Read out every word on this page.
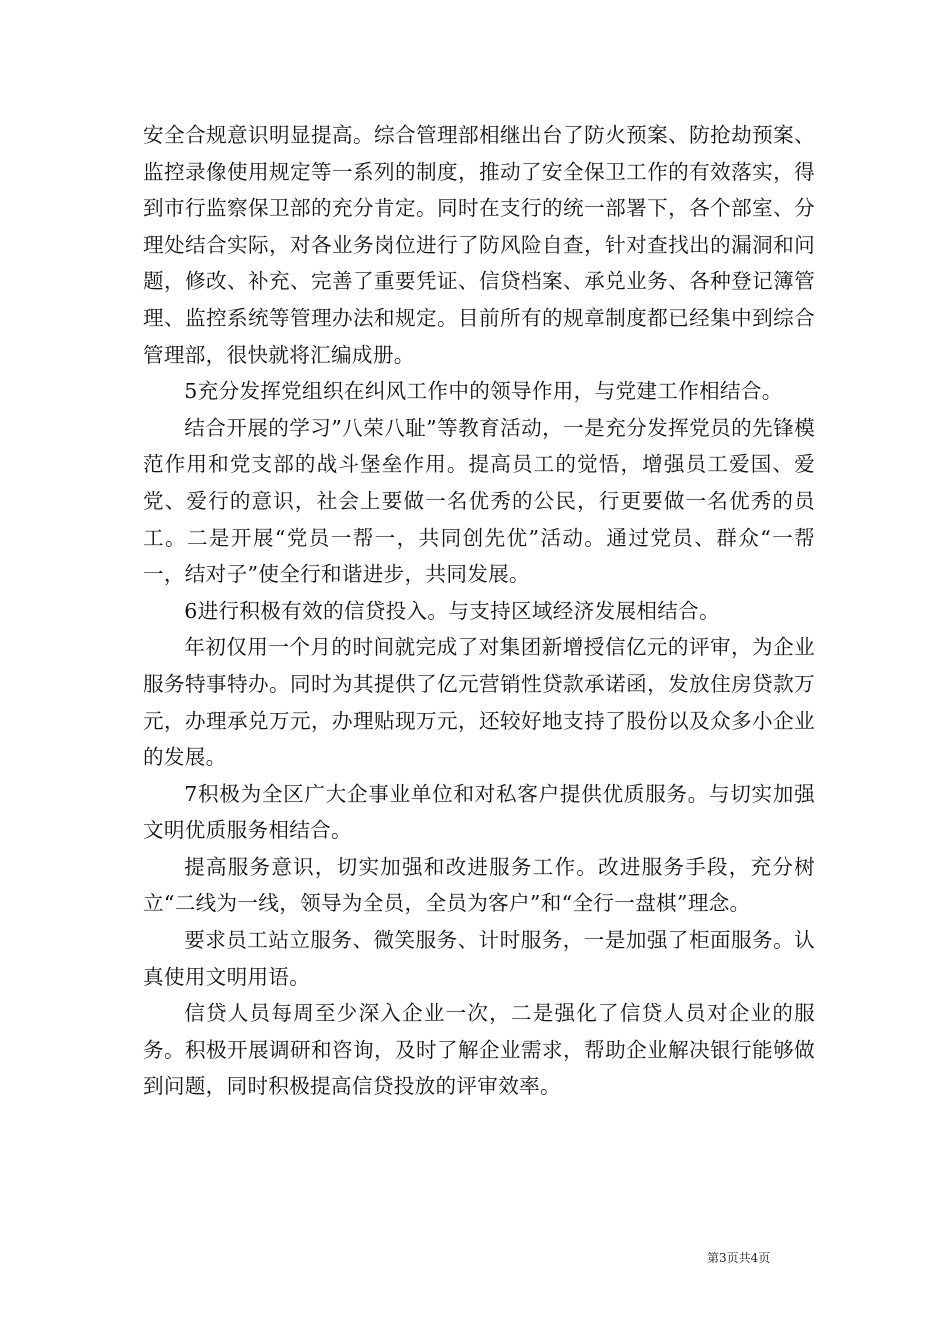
安全合规意识明显提高。综合管理部相继出台了防火预案、防抢劫预案、监控录像使用规定等一系列的制度，推动了安全保卫工作的有效落实，得到市行监察保卫部的充分肯定。同时在支行的统一部署下，各个部室、分理处结合实际，对各业务岗位进行了防风险自查，针对查找出的漏洞和问题，修改、补充、完善了重要凭证、信贷档案、承兑业务、各种登记簿管理、监控系统等管理办法和规定。目前所有的规章制度都已经集中到综合管理部，很快就将汇编成册。

5充分发挥党组织在纠风工作中的领导作用，与党建工作相结合。

结合开展的学习”八荣八耻”等教育活动，一是充分发挥党员的先锋模范作用和党支部的战斗堡垒作用。提高员工的觉悟，增强员工爱国、爱党、爱行的意识，社会上要做一名优秀的公民，行更要做一名优秀的员工。二是开展“党员一帮一，共同创先优”活动。通过党员、群众“一帮一，结对子”使全行和谐进步，共同发展。

6进行积极有效的信贷投入。与支持区域经济发展相结合。

年初仅用一个月的时间就完成了对集团新增授信亿元的评审，为企业服务特事特办。同时为其提供了亿元营销性贷款承诺函，发放住房贷款万元，办理承兑万元，办理贴现万元，还较好地支持了股份以及众多小企业的发展。

7积极为全区广大企事业单位和对私客户提供优质服务。与切实加强文明优质服务相结合。

提高服务意识，切实加强和改进服务工作。改进服务手段，充分树立“二线为一线，领导为全员，全员为客户”和“全行一盘棋”理念。

要求员工站立服务、微笑服务、计时服务，一是加强了柜面服务。认真使用文明用语。

信贷人员每周至少深入企业一次，二是强化了信贷人员对企业的服务。积极开展调研和咨询，及时了解企业需求，帮助企业解决银行能够做到问题，同时积极提高信贷投放的评审效率。

第3页共4页
